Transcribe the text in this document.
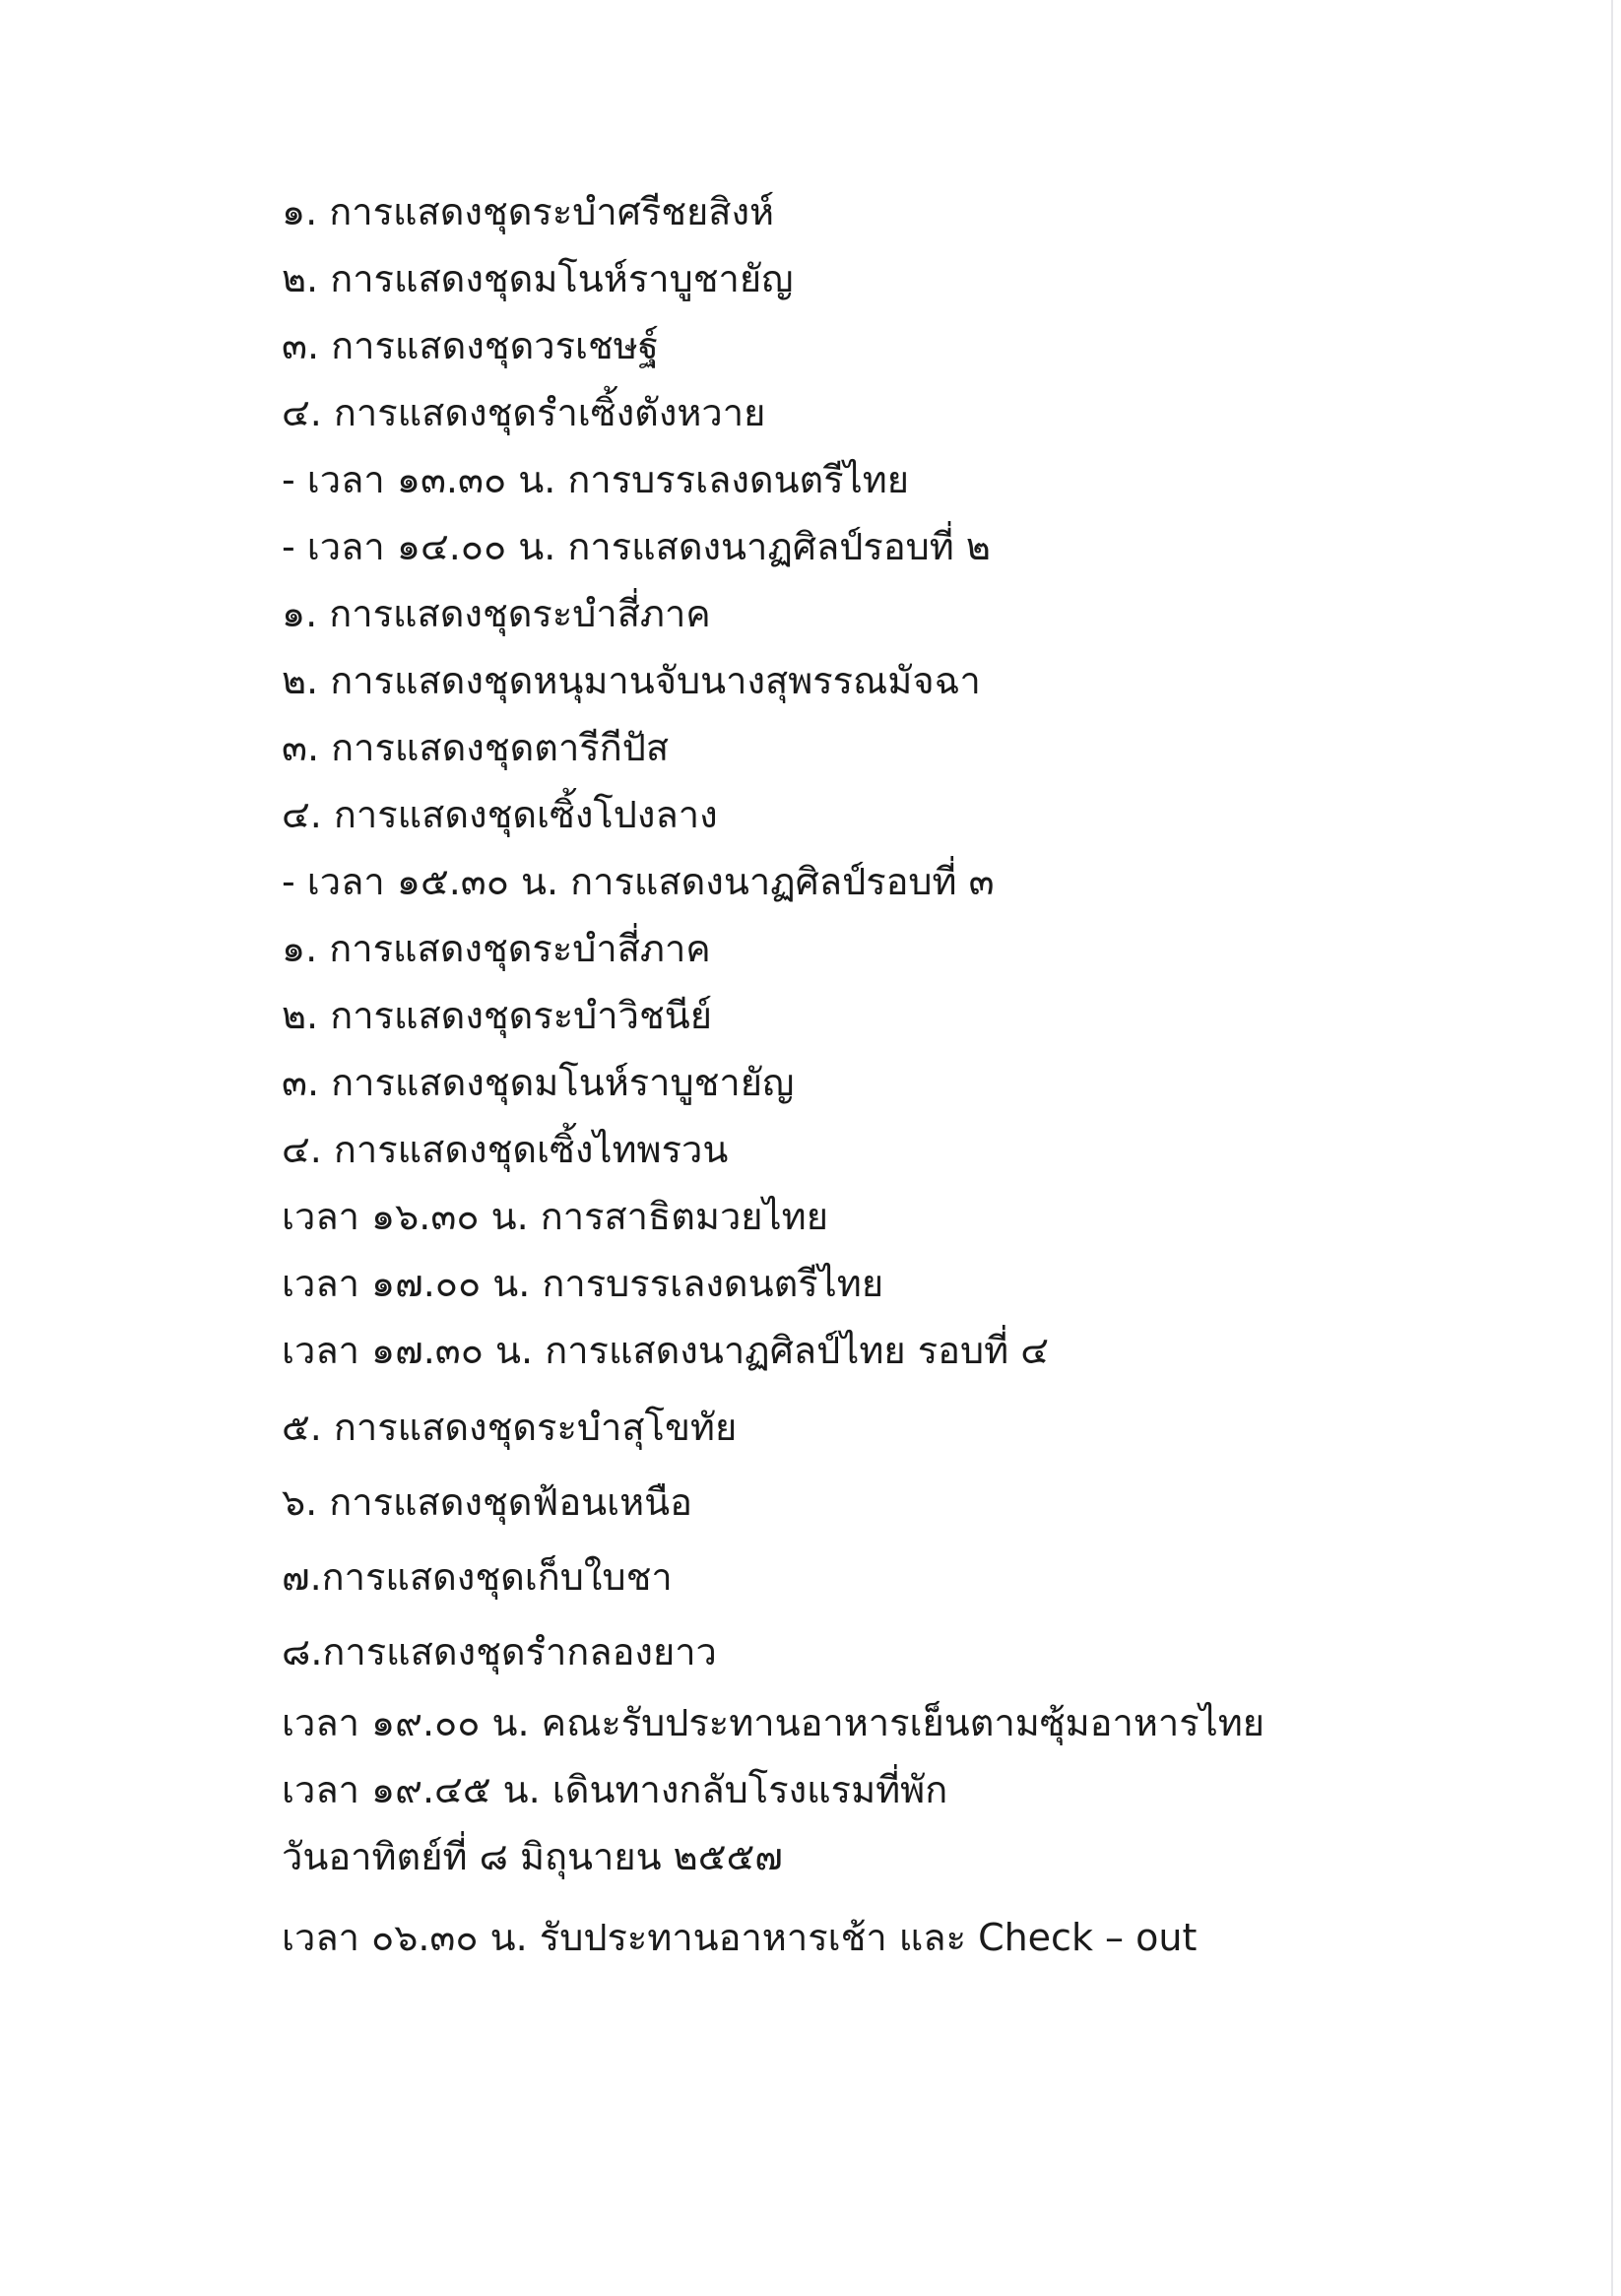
๑. การแสดงชุดระบำศรีชยสิงห์
๒. การแสดงชุดมโนห์ราบูชายัญ
๓. การแสดงชุดวรเชษฐ์
๔. การแสดงชุดรำเซิ้งตังหวาย
- เวลา ๑๓.๓๐ น. การบรรเลงดนตรีไทย
- เวลา ๑๔.๐๐ น. การแสดงนาฏศิลป์รอบที่ ๒
๑. การแสดงชุดระบำสี่ภาค
๒. การแสดงชุดหนุมานจับนางสุพรรณมัจฉา
๓. การแสดงชุดตารีกีปัส
๔. การแสดงชุดเซิ้งโปงลาง
- เวลา ๑๕.๓๐ น. การแสดงนาฏศิลป์รอบที่ ๓
๑. การแสดงชุดระบำสี่ภาค
๒. การแสดงชุดระบำวิชนีย์
๓. การแสดงชุดมโนห์ราบูชายัญ
๔. การแสดงชุดเซิ้งไทพรวน
เวลา ๑๖.๓๐ น. การสาธิตมวยไทย
เวลา ๑๗.๐๐ น. การบรรเลงดนตรีไทย
เวลา ๑๗.๓๐ น. การแสดงนาฏศิลป์ไทย รอบที่ ๔
๕. การแสดงชุดระบำสุโขทัย
๖. การแสดงชุดฟ้อนเหนือ
๗.การแสดงชุดเก็บใบชา
๘.การแสดงชุดรำกลองยาว
เวลา ๑๙.๐๐ น. คณะรับประทานอาหารเย็นตามซุ้มอาหารไทย
เวลา ๑๙.๔๕ น. เดินทางกลับโรงแรมที่พัก
วันอาทิตย์ที่ ๘ มิถุนายน ๒๕๕๗
เวลา ๐๖.๓๐ น. รับประทานอาหารเช้า และ Check – out
